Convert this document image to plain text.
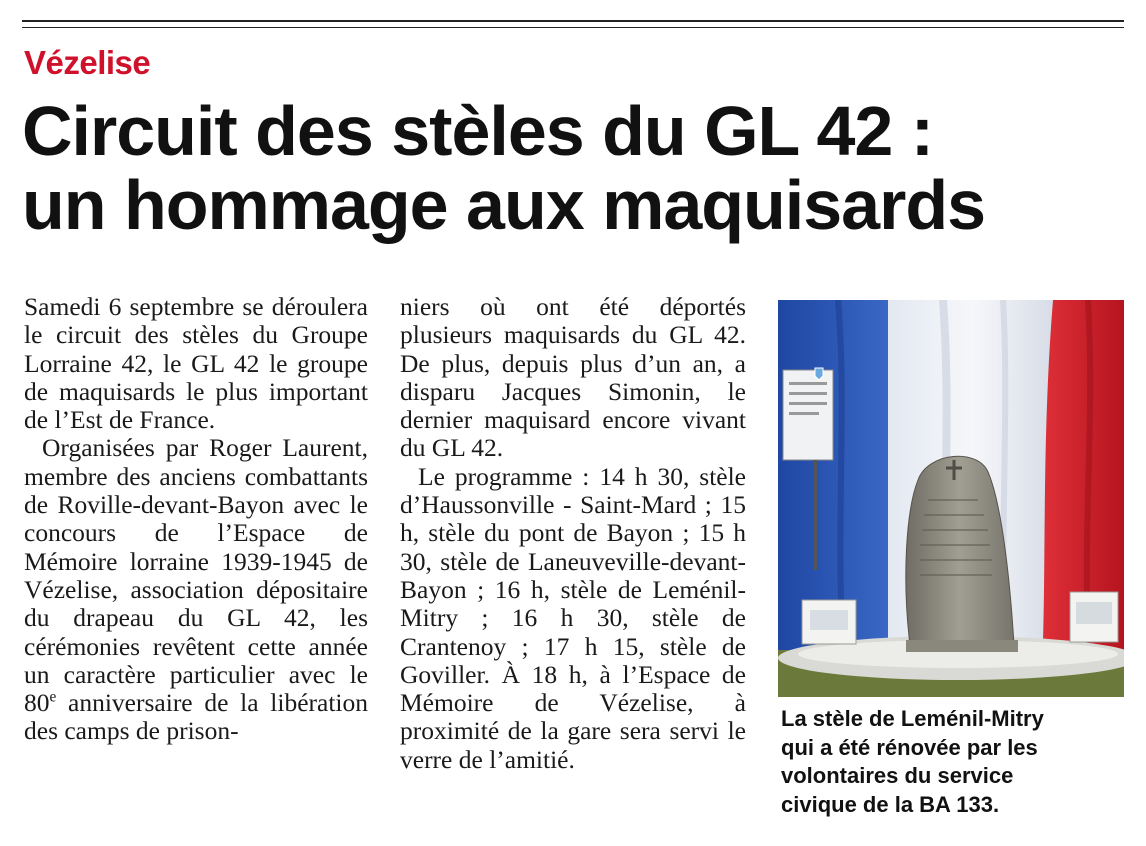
Vézelise
Circuit des stèles du GL 42 :
un hommage aux maquisards

Samedi 6 septembre se déroulera le circuit des stèles du Groupe Lorraine 42, le GL 42 le groupe de maquisards le plus important de l’Est de France.

Organisées par Roger Laurent, membre des anciens combattants de Roville-devant-Bayon avec le concours de l’Espace de Mémoire lorraine 1939-1945 de Vézelise, association dépositaire du drapeau du GL 42, les cérémonies revêtent cette année un caractère particulier avec le 80e anniversaire de la libération des camps de prison-

niers où ont été déportés plusieurs maquisards du GL 42. De plus, depuis plus d’un an, a disparu Jacques Simonin, le dernier maquisard encore vivant du GL 42.

Le programme : 14 h 30, stèle d’Haussonville - Saint-Mard ; 15 h, stèle du pont de Bayon ; 15 h 30, stèle de Laneuveville-devant-Bayon ; 16 h, stèle de Leménil-Mitry ; 16 h 30, stèle de Crantenoy ; 17 h 15, stèle de Goviller. À 18 h, à l’Espace de Mémoire de Vézelise, à proximité de la gare sera servi le verre de l’amitié.

La stèle de Leménil-Mitry
qui a été rénovée par les
volontaires du service
civique de la BA 133.
